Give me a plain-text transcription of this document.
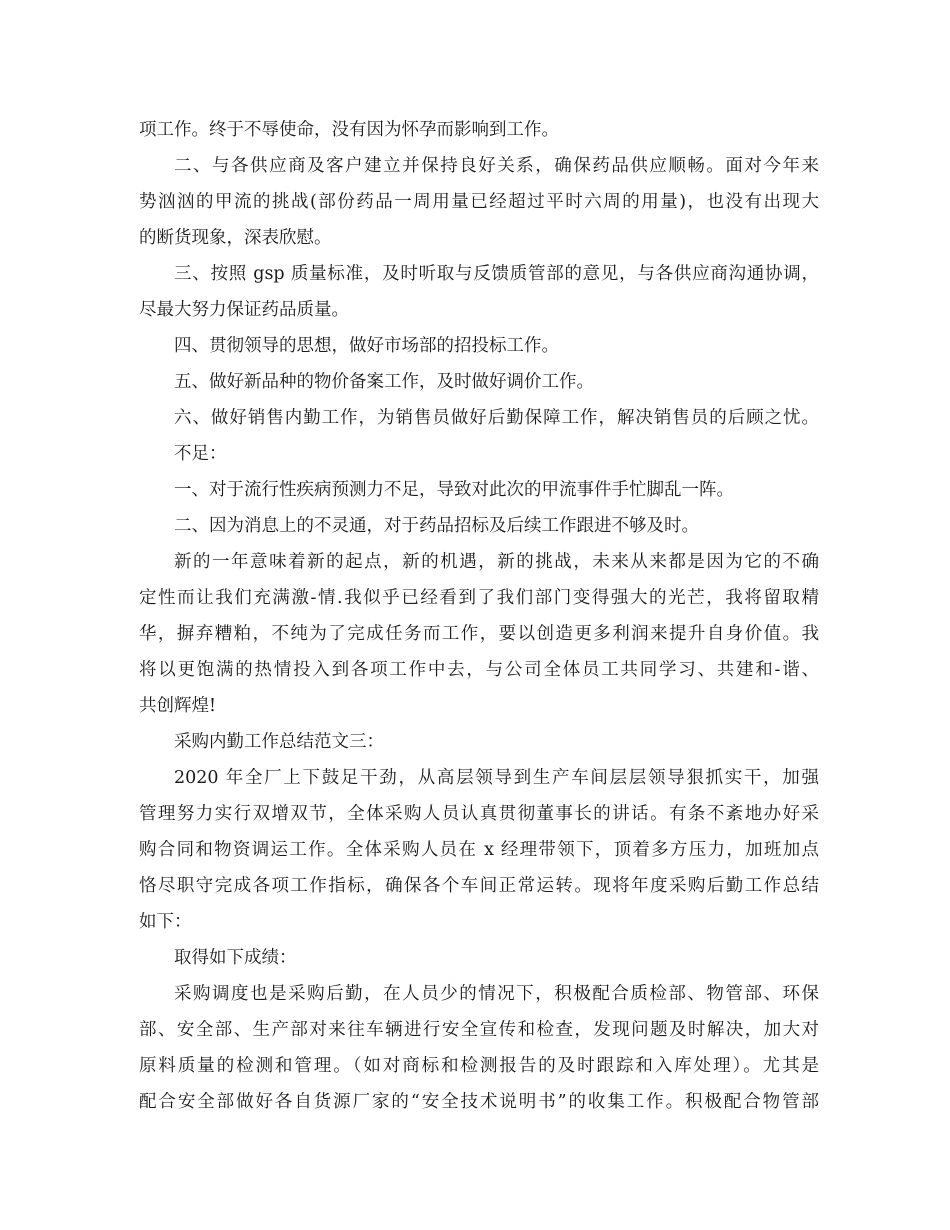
项工作。终于不辱使命，没有因为怀孕而影响到工作。
二、与各供应商及客户建立并保持良好关系，确保药品供应顺畅。面对今年来
势汹汹的甲流的挑战(部份药品一周用量已经超过平时六周的用量)，也没有出现大
的断货现象，深表欣慰。
三、按照 gsp 质量标准，及时听取与反馈质管部的意见，与各供应商沟通协调，
尽最大努力保证药品质量。
四、贯彻领导的思想，做好市场部的招投标工作。
五、做好新品种的物价备案工作，及时做好调价工作。
六、做好销售内勤工作，为销售员做好后勤保障工作，解决销售员的后顾之忧。
不足：
一、对于流行性疾病预测力不足，导致对此次的甲流事件手忙脚乱一阵。
二、因为消息上的不灵通，对于药品招标及后续工作跟进不够及时。
新的一年意味着新的起点，新的机遇，新的挑战，未来从来都是因为它的不确
定性而让我们充满激-情.我似乎已经看到了我们部门变得强大的光芒，我将留取精
华，摒弃糟粕，不纯为了完成任务而工作，要以创造更多利润来提升自身价值。我
将以更饱满的热情投入到各项工作中去，与公司全体员工共同学习、共建和-谐、
共创辉煌!
采购内勤工作总结范文三：
2020 年全厂上下鼓足干劲，从高层领导到生产车间层层领导狠抓实干，加强
管理努力实行双增双节，全体采购人员认真贯彻董事长的讲话。有条不紊地办好采
购合同和物资调运工作。全体采购人员在 x 经理带领下，顶着多方压力，加班加点
恪尽职守完成各项工作指标，确保各个车间正常运转。现将年度采购后勤工作总结
如下：
取得如下成绩：
采购调度也是采购后勤，在人员少的情况下，积极配合质检部、物管部、环保
部、安全部、生产部对来往车辆进行安全宣传和检查，发现问题及时解决，加大对
原料质量的检测和管理。（如对商标和检测报告的及时跟踪和入库处理）。尤其是
配合安全部做好各自货源厂家的“安全技术说明书”的收集工作。积极配合物管部
